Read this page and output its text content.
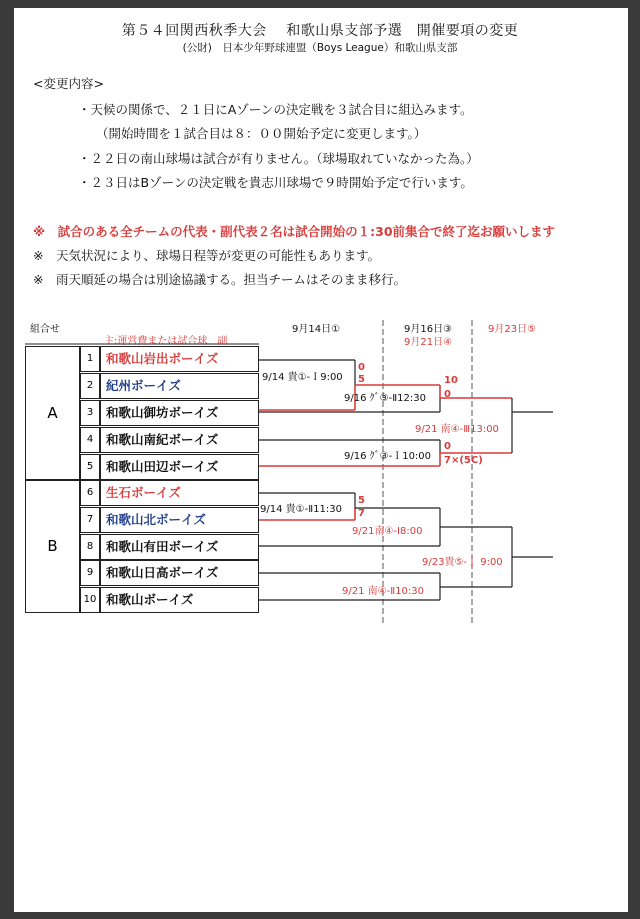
第５４回関西秋季大会　 和歌山県支部予選　開催要項の変更
(公財)　日本少年野球連盟（Boys League）和歌山県支部
<変更内容>
・天候の関係で、２１日にAゾーンの決定戦を３試合目に組込みます。
（開始時間を１試合目は８：００開始予定に変更します。）
・２２日の南山球場は試合が有りません。（球場取れていなかった為。）
・２３日はBゾーンの決定戦を貴志川球場で９時開始予定で行います。
※　試合のある全チームの代表・副代表２名は試合開始の１:30前集合で終了迄お願いします
※　天気状況により、球場日程等が変更の可能性もあります。
※　雨天順延の場合は別途協議する。担当チームはそのまま移行。
組合せ
主:運営費または試合球　副
9月14日①	9月16日③
9月21日④
9月23日⑤
A
B
1	和歌山岩出ボーイズ
2	紀州ボーイズ
3	和歌山御坊ボーイズ
4	和歌山南紀ボーイズ
5	和歌山田辺ボーイズ
6	生石ボーイズ
7	和歌山北ボーイズ
8	和歌山有田ボーイズ
9	和歌山日高ボーイズ
10 和歌山ボーイズ
9/14 貴①-Ｉ9:00
0
5
9/16 ｸﾞ③-Ⅱ12:30
10
0
9/16 ｸﾞ③-Ｉ10:00
0
7×(5C)
9/21 南④-Ⅲ13:00
9/14 貴①-Ⅱ11:30
5
7
9/21南④-Ⅰ8:00
9/21 南④-Ⅱ10:30
9/23貴⑤-Ｉ 9:00
